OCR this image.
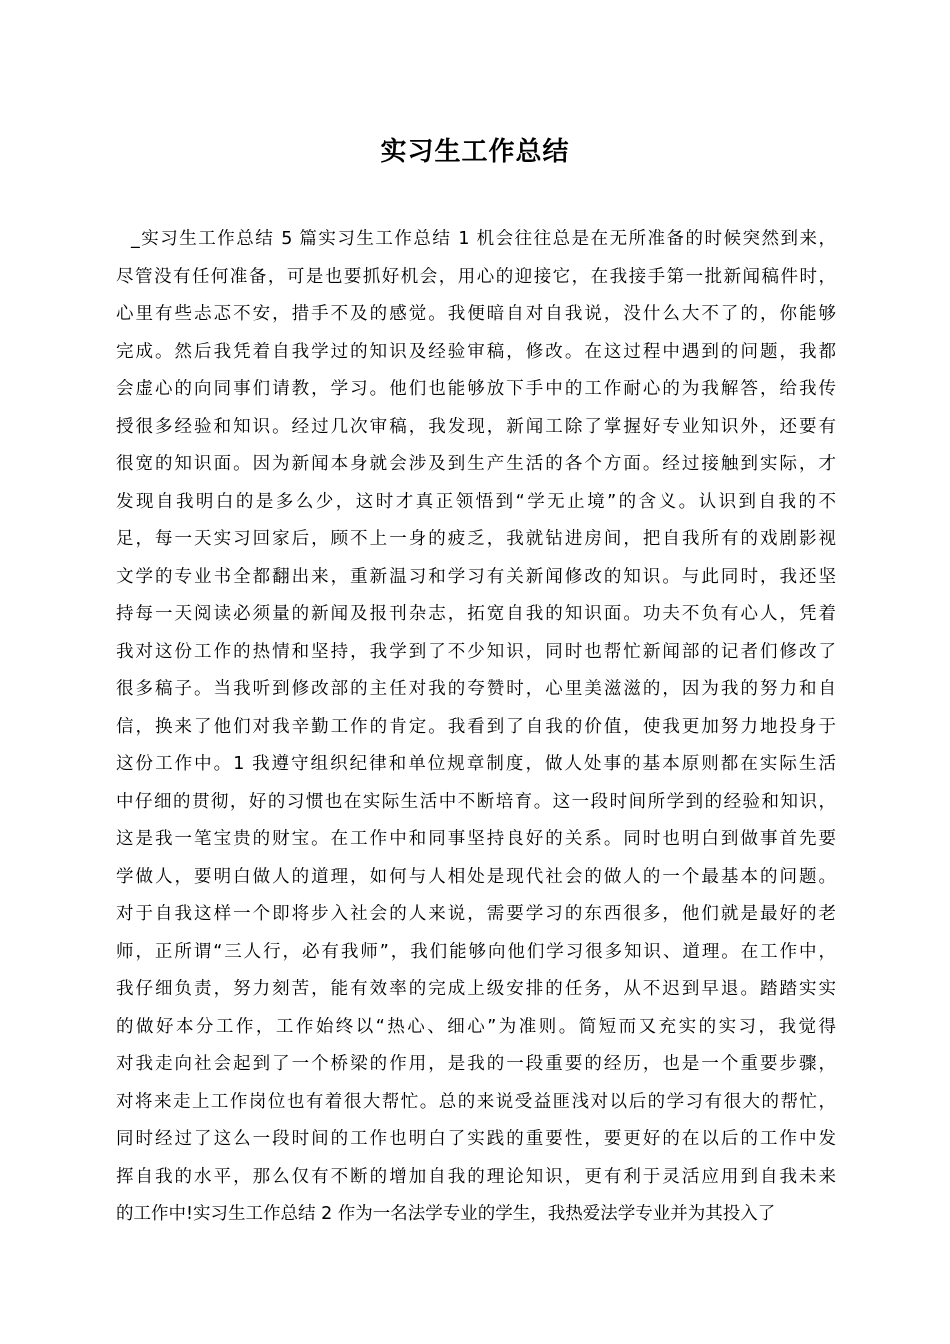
实习生工作总结
_实习生工作总结 5 篇实习生工作总结 1 机会往往总是在无所准备的时候突然到来，
尽管没有任何准备，可是也要抓好机会，用心的迎接它，在我接手第一批新闻稿件时，
心里有些忐忑不安，措手不及的感觉。我便暗自对自我说，没什么大不了的，你能够
完成。然后我凭着自我学过的知识及经验审稿，修改。在这过程中遇到的问题，我都
会虚心的向同事们请教，学习。他们也能够放下手中的工作耐心的为我解答，给我传
授很多经验和知识。经过几次审稿，我发现，新闻工除了掌握好专业知识外，还要有
很宽的知识面。因为新闻本身就会涉及到生产生活的各个方面。经过接触到实际，才
发现自我明白的是多么少，这时才真正领悟到“学无止境”的含义。认识到自我的不
足，每一天实习回家后，顾不上一身的疲乏，我就钻进房间，把自我所有的戏剧影视
文学的专业书全都翻出来，重新温习和学习有关新闻修改的知识。与此同时，我还坚
持每一天阅读必须量的新闻及报刊杂志，拓宽自我的知识面。功夫不负有心人，凭着
我对这份工作的热情和坚持，我学到了不少知识，同时也帮忙新闻部的记者们修改了
很多稿子。当我听到修改部的主任对我的夸赞时，心里美滋滋的，因为我的努力和自
信，换来了他们对我辛勤工作的肯定。我看到了自我的价值，使我更加努力地投身于
这份工作中。1 我遵守组织纪律和单位规章制度，做人处事的基本原则都在实际生活
中仔细的贯彻，好的习惯也在实际生活中不断培育。这一段时间所学到的经验和知识，
这是我一笔宝贵的财宝。在工作中和同事坚持良好的关系。同时也明白到做事首先要
学做人，要明白做人的道理，如何与人相处是现代社会的做人的一个最基本的问题。
对于自我这样一个即将步入社会的人来说，需要学习的东西很多，他们就是最好的老
师，正所谓“三人行，必有我师”，我们能够向他们学习很多知识、道理。在工作中，
我仔细负责，努力刻苦，能有效率的完成上级安排的任务，从不迟到早退。踏踏实实
的做好本分工作，工作始终以“热心、细心”为准则。简短而又充实的实习，我觉得
对我走向社会起到了一个桥梁的作用，是我的一段重要的经历，也是一个重要步骤，
对将来走上工作岗位也有着很大帮忙。总的来说受益匪浅对以后的学习有很大的帮忙，
同时经过了这么一段时间的工作也明白了实践的重要性，要更好的在以后的工作中发
挥自我的水平，那么仅有不断的增加自我的理论知识，更有利于灵活应用到自我未来
的工作中!实习生工作总结 2 作为一名法学专业的学生，我热爱法学专业并为其投入了
